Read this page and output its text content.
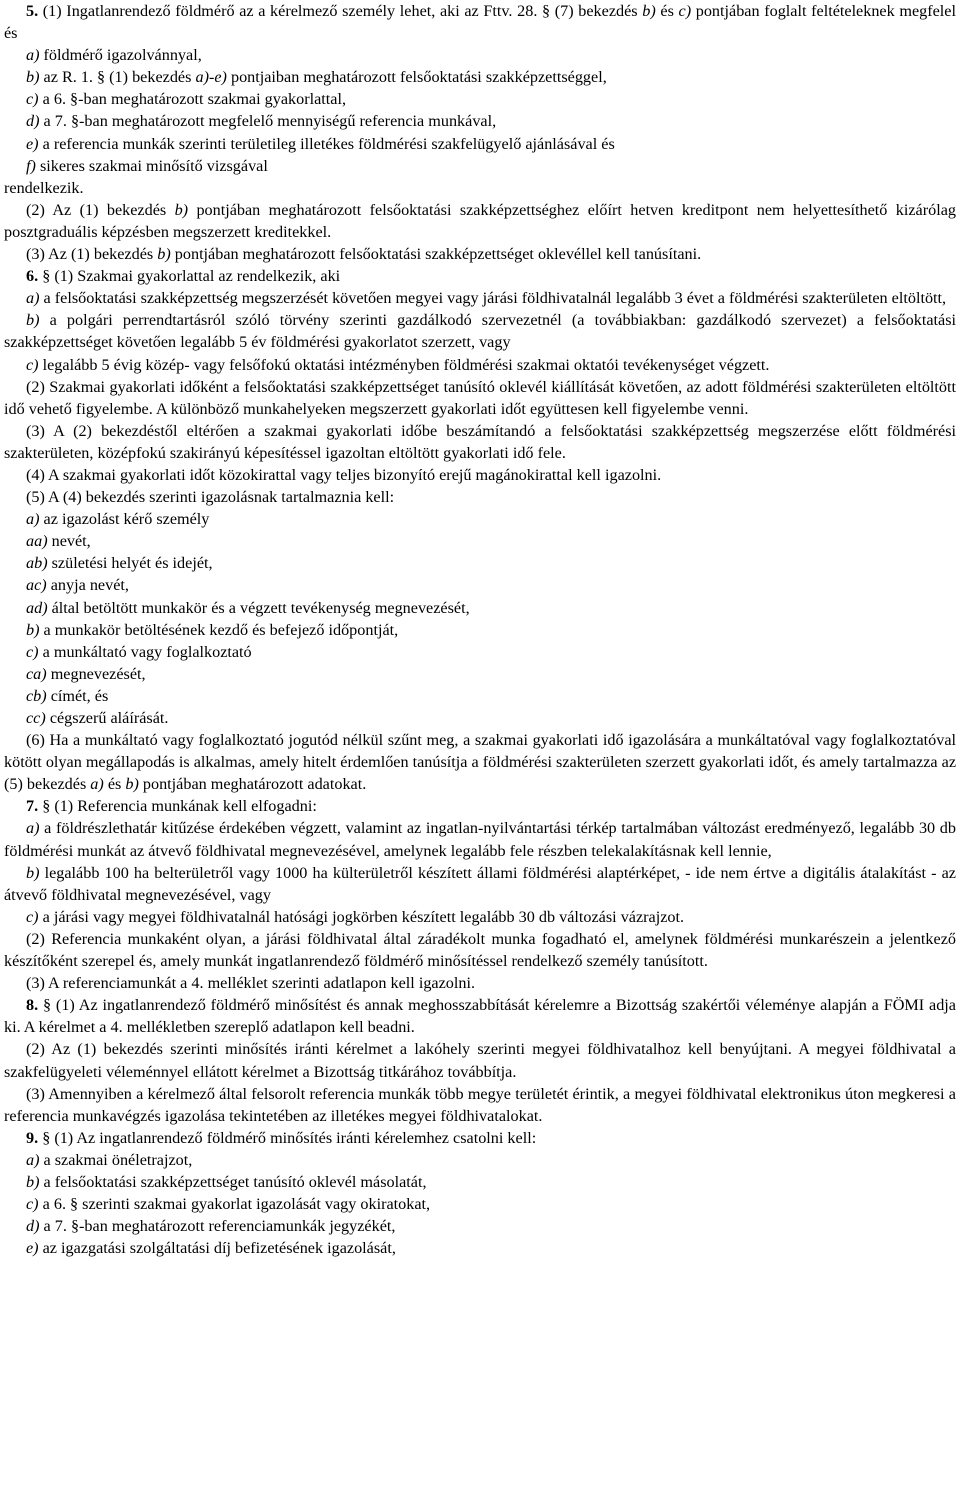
5. (1) Ingatlanrendező földmérő az a kérelmező személy lehet, aki az Fttv. 28. § (7) bekezdés b) és c) pontjában foglalt feltételeknek megfelel és

a) földmérő igazolvánnyal,

b) az R. 1. § (1) bekezdés a)-e) pontjaiban meghatározott felsőoktatási szakképzettséggel,

c) a 6. §-ban meghatározott szakmai gyakorlattal,

d) a 7. §-ban meghatározott megfelelő mennyiségű referencia munkával,

e) a referencia munkák szerinti területileg illetékes földmérési szakfelügyelő ajánlásával és

f) sikeres szakmai minősítő vizsgával

rendelkezik.

(2) Az (1) bekezdés b) pontjában meghatározott felsőoktatási szakképzettséghez előírt hetven kreditpont nem helyettesíthető kizárólag posztgraduális képzésben megszerzett kreditekkel.

(3) Az (1) bekezdés b) pontjában meghatározott felsőoktatási szakképzettséget oklevéllel kell tanúsítani.

6. § (1) Szakmai gyakorlattal az rendelkezik, aki

a) a felsőoktatási szakképzettség megszerzését követően megyei vagy járási földhivatalnál legalább 3 évet a földmérési szakterületen eltöltött,

b) a polgári perrendtartásról szóló törvény szerinti gazdálkodó szervezetnél (a továbbiakban: gazdálkodó szervezet) a felsőoktatási szakképzettséget követően legalább 5 év földmérési gyakorlatot szerzett, vagy

c) legalább 5 évig közép- vagy felsőfokú oktatási intézményben földmérési szakmai oktatói tevékenységet végzett.

(2) Szakmai gyakorlati időként a felsőoktatási szakképzettséget tanúsító oklevél kiállítását követően, az adott földmérési szakterületen eltöltött idő vehető figyelembe. A különböző munkahelyeken megszerzett gyakorlati időt együttesen kell figyelembe venni.

(3) A (2) bekezdéstől eltérően a szakmai gyakorlati időbe beszámítandó a felsőoktatási szakképzettség megszerzése előtt földmérési szakterületen, középfokú szakirányú képesítéssel igazoltan eltöltött gyakorlati idő fele.

(4) A szakmai gyakorlati időt közokirattal vagy teljes bizonyító erejű magánokirattal kell igazolni.

(5) A (4) bekezdés szerinti igazolásnak tartalmaznia kell:

a) az igazolást kérő személy

aa) nevét,

ab) születési helyét és idejét,

ac) anyja nevét,

ad) által betöltött munkakör és a végzett tevékenység megnevezését,

b) a munkakör betöltésének kezdő és befejező időpontját,

c) a munkáltató vagy foglalkoztató

ca) megnevezését,

cb) címét, és

cc) cégszerű aláírását.

(6) Ha a munkáltató vagy foglalkoztató jogutód nélkül szűnt meg, a szakmai gyakorlati idő igazolására a munkáltatóval vagy foglalkoztatóval kötött olyan megállapodás is alkalmas, amely hitelt érdemlően tanúsítja a földmérési szakterületen szerzett gyakorlati időt, és amely tartalmazza az (5) bekezdés a) és b) pontjában meghatározott adatokat.

7. § (1) Referencia munkának kell elfogadni:

a) a földrészlethatár kitűzése érdekében végzett, valamint az ingatlan-nyilvántartási térkép tartalmában változást eredményező, legalább 30 db földmérési munkát az átvevő földhivatal megnevezésével, amelynek legalább fele részben telekalakításnak kell lennie,

b) legalább 100 ha belterületről vagy 1000 ha külterületről készített állami földmérési alaptérképet, - ide nem értve a digitális átalakítást - az átvevő földhivatal megnevezésével, vagy

c) a járási vagy megyei földhivatalnál hatósági jogkörben készített legalább 30 db változási vázrajzot.

(2) Referencia munkaként olyan, a járási földhivatal által záradékolt munka fogadható el, amelynek földmérési munkarészein a jelentkező készítőként szerepel és, amely munkát ingatlanrendező földmérő minősítéssel rendelkező személy tanúsított.

(3) A referenciamunkát a 4. melléklet szerinti adatlapon kell igazolni.

8. § (1) Az ingatlanrendező földmérő minősítést és annak meghosszabbítását kérelemre a Bizottság szakértői véleménye alapján a FÖMI adja ki. A kérelmet a 4. mellékletben szereplő adatlapon kell beadni.

(2) Az (1) bekezdés szerinti minősítés iránti kérelmet a lakóhely szerinti megyei földhivatalhoz kell benyújtani. A megyei földhivatal a szakfelügyeleti véleménnyel ellátott kérelmet a Bizottság titkárához továbbítja.

(3) Amennyiben a kérelmező által felsorolt referencia munkák több megye területét érintik, a megyei földhivatal elektronikus úton megkeresi a referencia munkavégzés igazolása tekintetében az illetékes megyei földhivatalokat.

9. § (1) Az ingatlanrendező földmérő minősítés iránti kérelemhez csatolni kell:

a) a szakmai önéletrajzot,

b) a felsőoktatási szakképzettséget tanúsító oklevél másolatát,

c) a 6. § szerinti szakmai gyakorlat igazolását vagy okiratokat,

d) a 7. §-ban meghatározott referenciamunkák jegyzékét,

e) az igazgatási szolgáltatási díj befizetésének igazolását,
